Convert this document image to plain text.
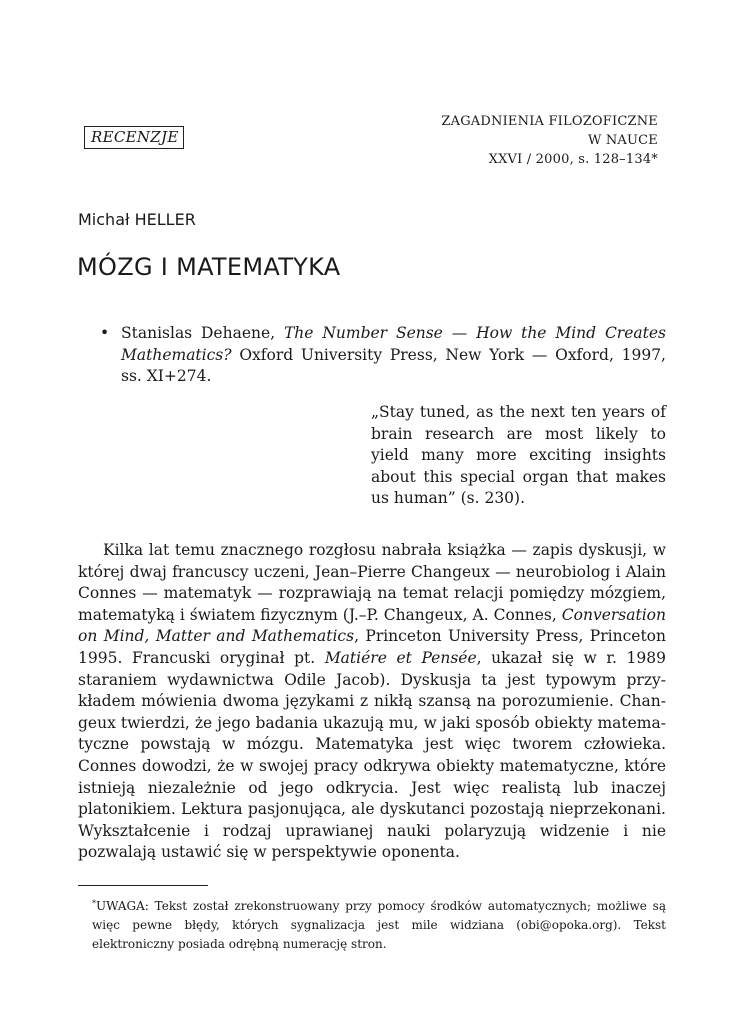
RECENZJE
ZAGADNIENIA FILOZOFICZNE
W NAUCE
XXVI / 2000, s. 128–134*
Michał HELLER
MÓZG I MATEMATYKA
• Stanislas Dehaene, The Number Sense — How the Mind Creates Mathematics? Oxford University Press, New York — Oxford, 1997, ss. XI+274.
„Stay tuned, as the next ten years of brain research are most likely to yield many more exciting insights about this special organ that makes us human” (s. 230).

Kilka lat temu znacznego rozgłosu nabrała książka — zapis dyskusji, w której dwaj francuscy uczeni, Jean–Pierre Changeux — neurobiolog i Alain Connes — matematyk — rozprawiają na temat relacji pomiędzy mózgiem, matematyką i światem fizycznym (J.–P. Changeux, A. Connes, Conversation on Mind, Matter and Mathematics, Princeton University Press, Princeton 1995. Francuski oryginał pt. Matiére et Pensée, ukazał się w r. 1989 staraniem wydawnictwa Odile Jacob). Dyskusja ta jest typowym przykładem mówienia dwoma językami z nikłą szansą na porozumienie. Changeux twierdzi, że jego badania ukazują mu, w jaki sposób obiekty matematyczne powstają w mózgu. Matematyka jest więc tworem człowieka. Connes dowodzi, że w swojej pracy odkrywa obiekty matematyczne, które istnieją niezależnie od jego odkrycia. Jest więc realistą lub inaczej platonikiem. Lektura pasjonująca, ale dyskutanci pozostają nieprzekonani. Wykształcenie i rodzaj uprawianej nauki polaryzują widzenie i nie pozwalają ustawić się w perspektywie oponenta.

*UWAGA: Tekst został zrekonstruowany przy pomocy środków automatycznych; możliwe są więc pewne błędy, których sygnalizacja jest mile widziana (obi@opoka.org). Tekst elektroniczny posiada odrębną numerację stron.
